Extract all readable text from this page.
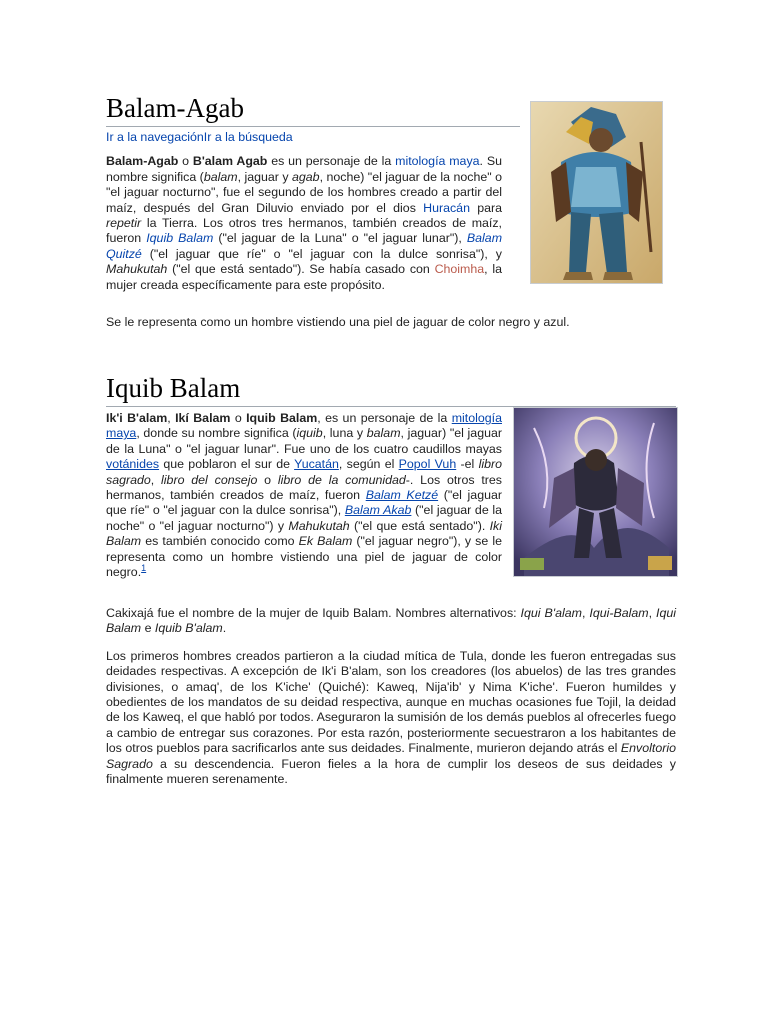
Balam-Agab
Ir a la navegaciónIr a la búsqueda

Balam-Agab o B'alam Agab es un personaje de la mitología maya. Su nombre significa (balam, jaguar y agab, noche) "el jaguar de la noche" o "el jaguar nocturno", fue el segundo de los hombres creado a partir del maíz, después del Gran Diluvio enviado por el dios Huracán para repetir la Tierra. Los otros tres hermanos, también creados de maíz, fueron Iquib Balam ("el jaguar de la Luna" o "el jaguar lunar"), Balam Quitzé ("el jaguar que ríe" o "el jaguar con la dulce sonrisa"), y Mahukutah ("el que está sentado"). Se había casado con Choimha, la mujer creada específicamente para este propósito.

Se le representa como un hombre vistiendo una piel de jaguar de color negro y azul.

Iquib Balam

Ik'i B'alam, Ikí Balam o Iquib Balam, es un personaje de la mitología maya, donde su nombre significa (iquib, luna y balam, jaguar) "el jaguar de la Luna" o "el jaguar lunar". Fue uno de los cuatro caudillos mayas votánides que poblaron el sur de Yucatán, según el Popol Vuh -el libro sagrado, libro del consejo o libro de la comunidad-. Los otros tres hermanos, también creados de maíz, fueron Balam Ketzé ("el jaguar que ríe" o "el jaguar con la dulce sonrisa"), Balam Akab ("el jaguar de la noche" o "el jaguar nocturno") y Mahukutah ("el que está sentado"). Iki Balam es también conocido como Ek Balam ("el jaguar negro"), y se le representa como un hombre vistiendo una piel de jaguar de color negro.$^1$

Cakixajá fue el nombre de la mujer de Iquib Balam. Nombres alternativos: Iqui B'alam, Iqui-Balam, Iqui Balam e Iquib B'alam.

Los primeros hombres creados partieron a la ciudad mítica de Tula, donde les fueron entregadas sus deidades respectivas. A excepción de Ik'i B'alam, son los creadores (los abuelos) de las tres grandes divisiones, o amaq', de los K'iche' (Quiché): Kaweq, Nija'ib' y Nima K'iche'. Fueron humildes y obedientes de los mandatos de su deidad respectiva, aunque en muchas ocasiones fue Tojil, la deidad de los Kaweq, el que habló por todos. Aseguraron la sumisión de los demás pueblos al ofrecerles fuego a cambio de entregar sus corazones. Por esta razón, posteriormente secuestraron a los habitantes de los otros pueblos para sacrificarlos ante sus deidades. Finalmente, murieron dejando atrás el Envoltorio Sagrado a su descendencia. Fueron fieles a la hora de cumplir los deseos de sus deidades y finalmente mueren serenamente.
